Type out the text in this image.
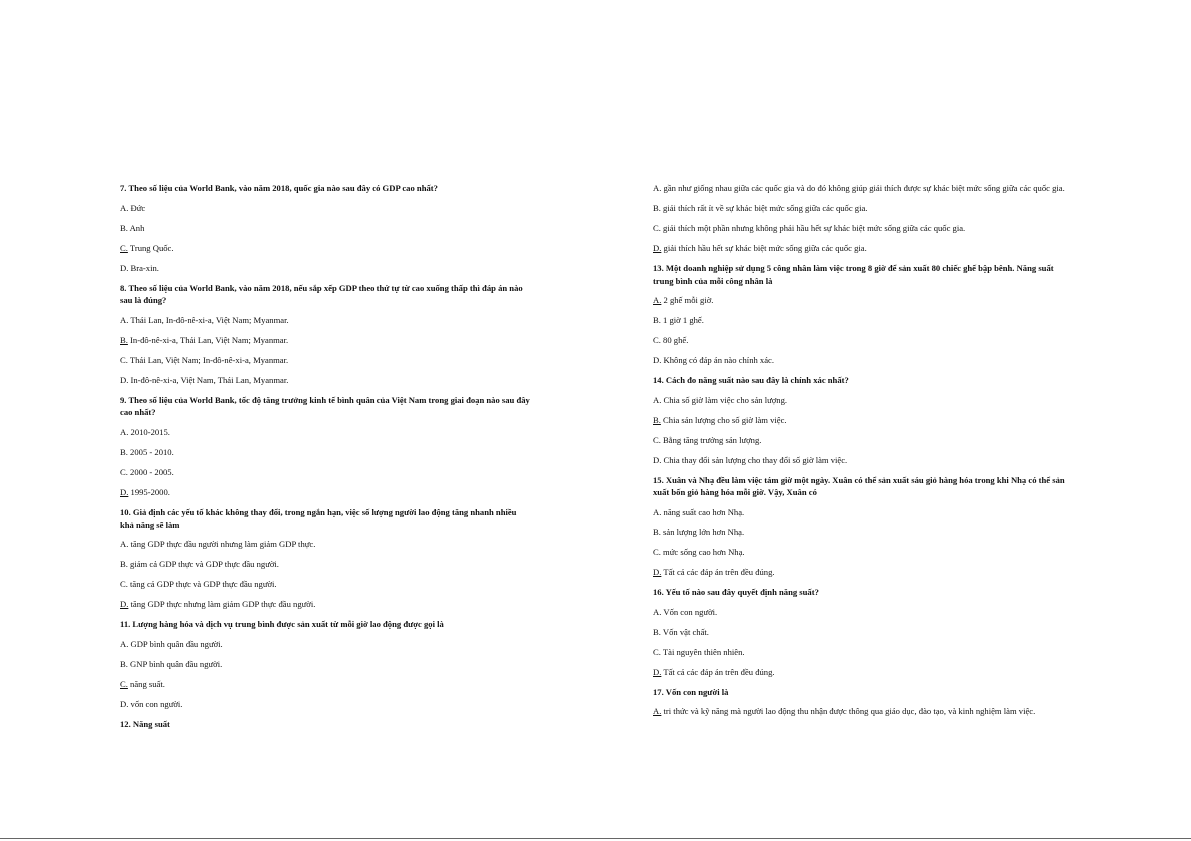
7. Theo số liệu của World Bank, vào năm 2018, quốc gia nào sau đây có GDP cao nhất?
A. Đức
B. Anh
C. Trung Quốc.
D. Bra-xin.
8. Theo số liệu của World Bank, vào năm 2018, nếu sắp xếp GDP theo thứ tự từ cao xuống thấp thì đáp án nào sau là đúng?
A. Thái Lan, In-đô-nê-xi-a, Việt Nam; Myanmar.
B. In-đô-nê-xi-a, Thái Lan, Việt Nam; Myanmar.
C. Thái Lan, Việt Nam; In-đô-nê-xi-a, Myanmar.
D. In-đô-nê-xi-a, Việt Nam, Thái Lan, Myanmar.
9. Theo số liệu của World Bank, tốc độ tăng trưởng kinh tế bình quân của Việt Nam trong giai đoạn nào sau đây cao nhất?
A. 2010-2015.
B. 2005 - 2010.
C. 2000 - 2005.
D. 1995-2000.
10. Giả định các yếu tố khác không thay đổi, trong ngắn hạn, việc số lượng người lao động tăng nhanh nhiều khả năng sẽ làm
A. tăng GDP thực đầu người nhưng làm giảm GDP thực.
B. giảm cả GDP thực và GDP thực đầu người.
C. tăng cả GDP thực và GDP thực đầu người.
D. tăng GDP thực nhưng làm giảm GDP thực đầu người.
11. Lượng hàng hóa và dịch vụ trung bình được sản xuất từ mỗi giờ lao động được gọi là
A. GDP bình quân đầu người.
B. GNP bình quân đầu người.
C. năng suất.
D. vốn con người.
12. Năng suất
A. gần như giống nhau giữa các quốc gia và do đó không giúp giải thích được sự khác biệt mức sống giữa các quốc gia.
B. giải thích rất ít về sự khác biệt mức sống giữa các quốc gia.
C. giải thích một phần nhưng không phải hầu hết sự khác biệt mức sống giữa các quốc gia.
D. giải thích hầu hết sự khác biệt mức sống giữa các quốc gia.
13. Một doanh nghiệp sử dụng 5 công nhân làm việc trong 8 giờ để sản xuất 80 chiếc ghế bập bênh. Năng suất trung bình của mỗi công nhân là
A. 2 ghế mỗi giờ.
B. 1 giờ 1 ghế.
C. 80 ghế.
D. Không có đáp án nào chính xác.
14. Cách đo năng suất nào sau đây là chính xác nhất?
A. Chia số giờ làm việc cho sản lượng.
B. Chia sản lượng cho số giờ làm việc.
C. Bằng tăng trưởng sản lượng.
D. Chia thay đổi sản lượng cho thay đổi số giờ làm việc.
15. Xuân và Nhạ đều làm việc tám giờ một ngày. Xuân có thể sản xuất sáu giỏ hàng hóa trong khi Nhạ có thể sản xuất bốn giỏ hàng hóa mỗi giờ. Vậy, Xuân có
A. năng suất cao hơn Nhạ.
B. sản lượng lớn hơn Nhạ.
C. mức sống cao hơn Nhạ.
D. Tất cả các đáp án trên đều đúng.
16. Yếu tố nào sau đây quyết định năng suất?
A. Vốn con người.
B. Vốn vật chất.
C. Tài nguyên thiên nhiên.
D. Tất cả các đáp án trên đều đúng.
17. Vốn con người là
A. tri thức và kỹ năng mà người lao động thu nhận được thông qua giáo dục, đào tạo, và kinh nghiệm làm việc.
